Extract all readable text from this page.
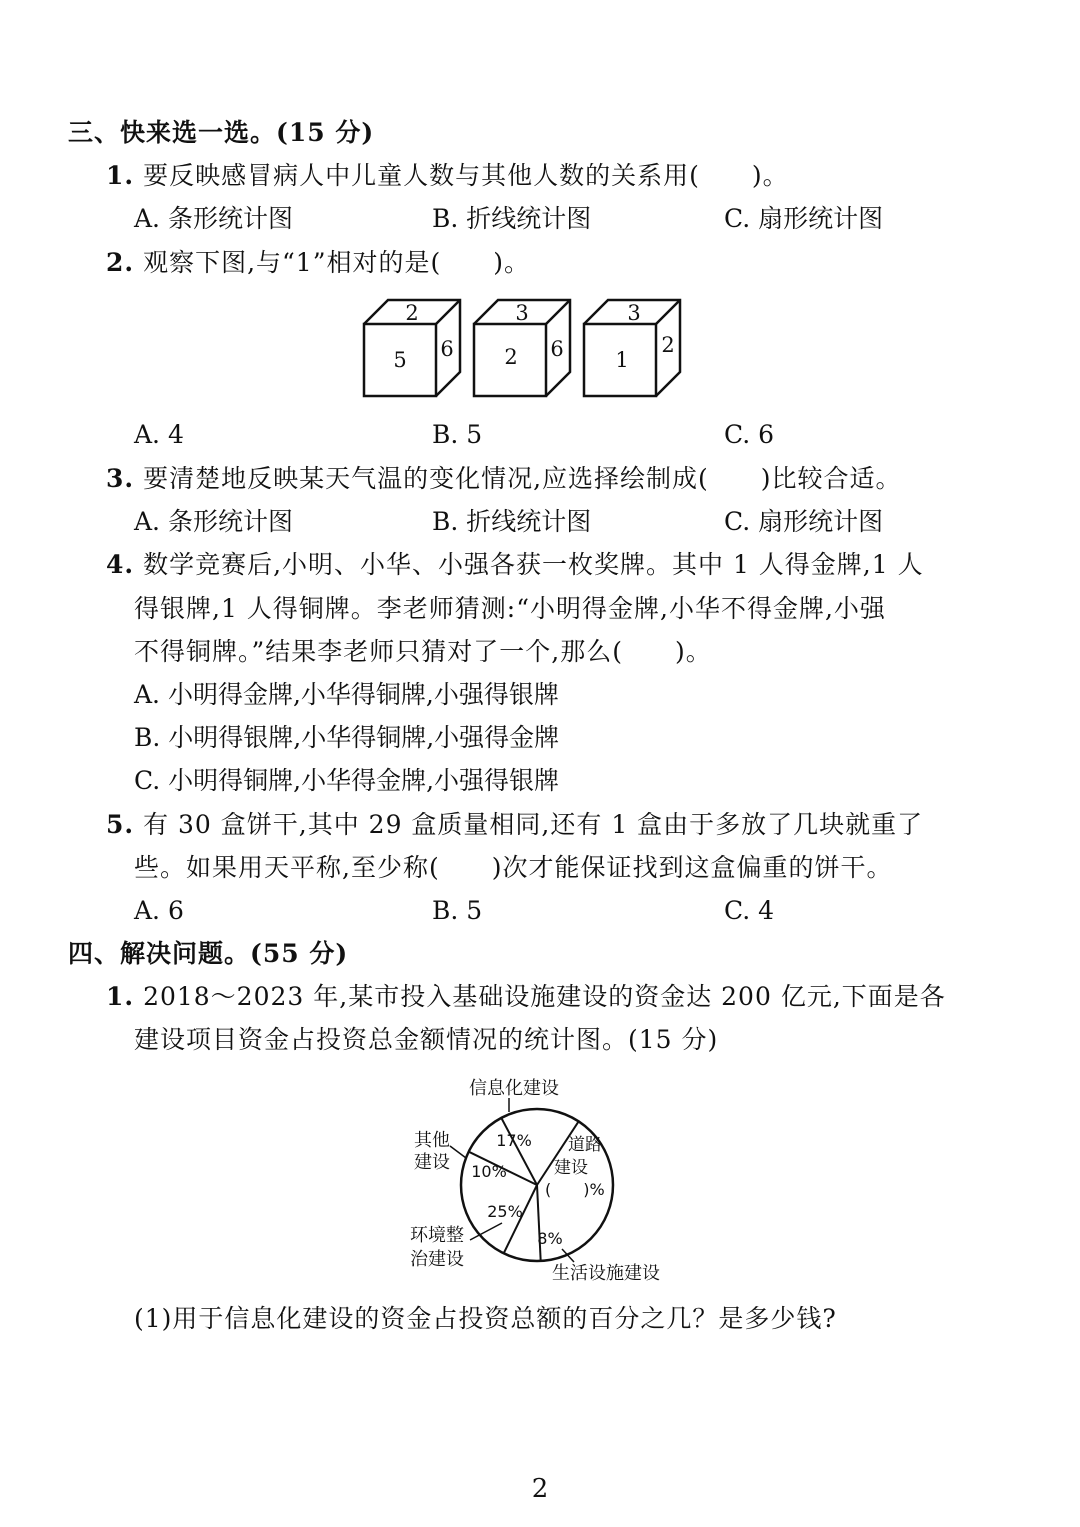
三、快来选一选。(15 分)
1. 要反映感冒病人中儿童人数与其他人数的关系用(　　)。
A. 条形统计图	B. 折线统计图	C. 扇形统计图
2. 观察下图,与“1”相对的是(　　)。
2
5 6
3
2 6
3
1
2
A. 4	B. 5	C. 6
3. 要清楚地反映某天气温的变化情况,应选择绘制成(　　)比较合适。
A. 条形统计图	B. 折线统计图	C. 扇形统计图
4. 数学竞赛后,小明、小华、小强各获一枚奖牌。其中 1 人得金牌,1 人
得银牌,1 人得铜牌。李老师猜测:“小明得金牌,小华不得金牌,小强
不得铜牌。”结果李老师只猜对了一个,那么(　　)。
A. 小明得金牌,小华得铜牌,小强得银牌
B. 小明得银牌,小华得铜牌,小强得金牌
C. 小明得铜牌,小华得金牌,小强得银牌
5. 有 30 盒饼干,其中 29 盒质量相同,还有 1 盒由于多放了几块就重了
些。如果用天平称,至少称(　　)次才能保证找到这盒偏重的饼干。
A. 6	B. 5	C. 4
四、解决问题。(55 分)
1. 2018～2023 年,某市投入基础设施建设的资金达 200 亿元,下面是各
建设项目资金占投资总金额情况的统计图。(15 分)
信息化建设
17% 道路
建设
(　　)%
8%
生活设施建设
25%
环境整
治建设
10%
其他
建设
(1)用于信息化建设的资金占投资总额的百分之几？是多少钱?
2
